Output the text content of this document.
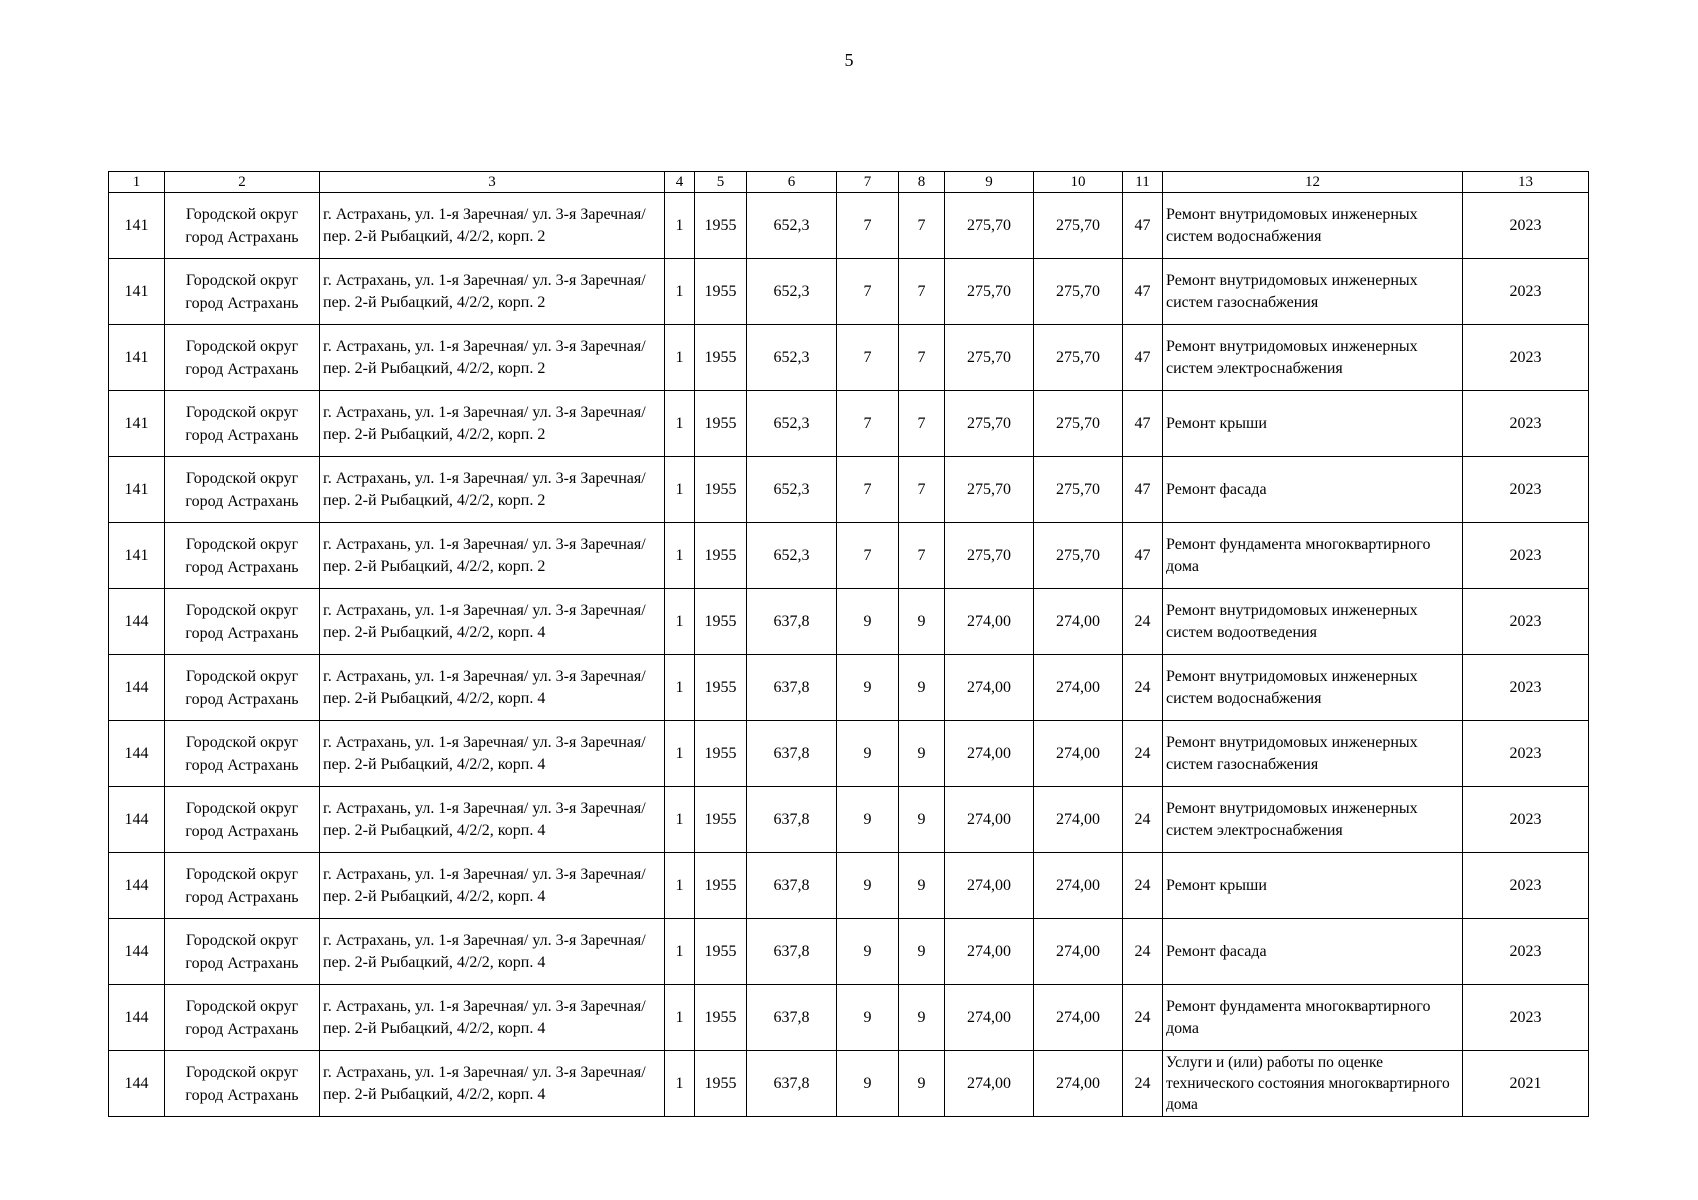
5
1	2	3	4	5	6	7	8	9	10	11	12	13
141	Городской округ город Астрахань	г. Астрахань, ул. 1-я Заречная/ ул. 3-я Заречная/ пер. 2-й Рыбацкий, 4/2/2, корп. 2	1	1955	652,3	7	7	275,70	275,70	47	Ремонт внутридомовых инженерных систем водоснабжения	2023
141	Городской округ город Астрахань	г. Астрахань, ул. 1-я Заречная/ ул. 3-я Заречная/ пер. 2-й Рыбацкий, 4/2/2, корп. 2	1	1955	652,3	7	7	275,70	275,70	47	Ремонт внутридомовых инженерных систем газоснабжения	2023
141	Городской округ город Астрахань	г. Астрахань, ул. 1-я Заречная/ ул. 3-я Заречная/ пер. 2-й Рыбацкий, 4/2/2, корп. 2	1	1955	652,3	7	7	275,70	275,70	47	Ремонт внутридомовых инженерных систем электроснабжения	2023
141	Городской округ город Астрахань	г. Астрахань, ул. 1-я Заречная/ ул. 3-я Заречная/ пер. 2-й Рыбацкий, 4/2/2, корп. 2	1	1955	652,3	7	7	275,70	275,70	47	Ремонт крыши	2023
141	Городской округ город Астрахань	г. Астрахань, ул. 1-я Заречная/ ул. 3-я Заречная/ пер. 2-й Рыбацкий, 4/2/2, корп. 2	1	1955	652,3	7	7	275,70	275,70	47	Ремонт фасада	2023
141	Городской округ город Астрахань	г. Астрахань, ул. 1-я Заречная/ ул. 3-я Заречная/ пер. 2-й Рыбацкий, 4/2/2, корп. 2	1	1955	652,3	7	7	275,70	275,70	47	Ремонт фундамента многоквартирного дома	2023
144	Городской округ город Астрахань	г. Астрахань, ул. 1-я Заречная/ ул. 3-я Заречная/ пер. 2-й Рыбацкий, 4/2/2, корп. 4	1	1955	637,8	9	9	274,00	274,00	24	Ремонт внутридомовых инженерных систем водоотведения	2023
144	Городской округ город Астрахань	г. Астрахань, ул. 1-я Заречная/ ул. 3-я Заречная/ пер. 2-й Рыбацкий, 4/2/2, корп. 4	1	1955	637,8	9	9	274,00	274,00	24	Ремонт внутридомовых инженерных систем водоснабжения	2023
144	Городской округ город Астрахань	г. Астрахань, ул. 1-я Заречная/ ул. 3-я Заречная/ пер. 2-й Рыбацкий, 4/2/2, корп. 4	1	1955	637,8	9	9	274,00	274,00	24	Ремонт внутридомовых инженерных систем газоснабжения	2023
144	Городской округ город Астрахань	г. Астрахань, ул. 1-я Заречная/ ул. 3-я Заречная/ пер. 2-й Рыбацкий, 4/2/2, корп. 4	1	1955	637,8	9	9	274,00	274,00	24	Ремонт внутридомовых инженерных систем электроснабжения	2023
144	Городской округ город Астрахань	г. Астрахань, ул. 1-я Заречная/ ул. 3-я Заречная/ пер. 2-й Рыбацкий, 4/2/2, корп. 4	1	1955	637,8	9	9	274,00	274,00	24	Ремонт крыши	2023
144	Городской округ город Астрахань	г. Астрахань, ул. 1-я Заречная/ ул. 3-я Заречная/ пер. 2-й Рыбацкий, 4/2/2, корп. 4	1	1955	637,8	9	9	274,00	274,00	24	Ремонт фасада	2023
144	Городской округ город Астрахань	г. Астрахань, ул. 1-я Заречная/ ул. 3-я Заречная/ пер. 2-й Рыбацкий, 4/2/2, корп. 4	1	1955	637,8	9	9	274,00	274,00	24	Ремонт фундамента многоквартирного дома	2023
144	Городской округ город Астрахань	г. Астрахань, ул. 1-я Заречная/ ул. 3-я Заречная/ пер. 2-й Рыбацкий, 4/2/2, корп. 4	1	1955	637,8	9	9	274,00	274,00	24	Услуги и (или) работы по оценке технического состояния многоквартирного дома	2021
